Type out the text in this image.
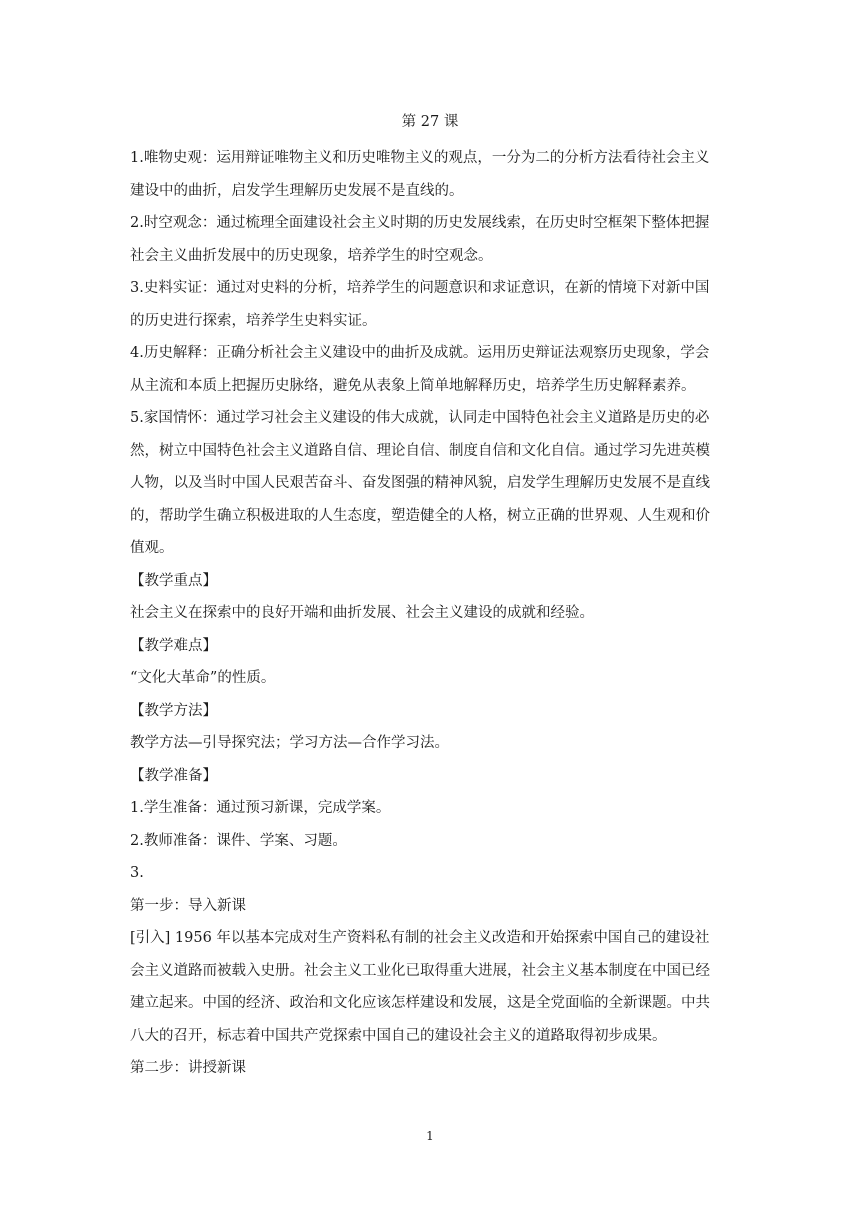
第 27 课

1.唯物史观：运用辩证唯物主义和历史唯物主义的观点，一分为二的分析方法看待社会主义

建设中的曲折，启发学生理解历史发展不是直线的。

2.时空观念：通过梳理全面建设社会主义时期的历史发展线索，在历史时空框架下整体把握

社会主义曲折发展中的历史现象，培养学生的时空观念。

3.史料实证：通过对史料的分析，培养学生的问题意识和求证意识，在新的情境下对新中国

的历史进行探索，培养学生史料实证。

4.历史解释：正确分析社会主义建设中的曲折及成就。运用历史辩证法观察历史现象，学会

从主流和本质上把握历史脉络，避免从表象上简单地解释历史，培养学生历史解释素养。

5.家国情怀：通过学习社会主义建设的伟大成就，认同走中国特色社会主义道路是历史的必

然，树立中国特色社会主义道路自信、理论自信、制度自信和文化自信。通过学习先进英模

人物，以及当时中国人民艰苦奋斗、奋发图强的精神风貌，启发学生理解历史发展不是直线

的，帮助学生确立积极进取的人生态度，塑造健全的人格，树立正确的世界观、人生观和价

值观。

【教学重点】

社会主义在探索中的良好开端和曲折发展、社会主义建设的成就和经验。

【教学难点】

“文化大革命”的性质。

【教学方法】

教学方法—引导探究法；学习方法—合作学习法。

【教学准备】

1.学生准备：通过预习新课，完成学案。

2.教师准备：课件、学案、习题。

3.

第一步：导入新课

[引入] 1956 年以基本完成对生产资料私有制的社会主义改造和开始探索中国自己的建设社

会主义道路而被载入史册。社会主义工业化已取得重大进展，社会主义基本制度在中国已经

建立起来。中国的经济、政治和文化应该怎样建设和发展，这是全党面临的全新课题。中共

八大的召开，标志着中国共产党探索中国自己的建设社会主义的道路取得初步成果。

第二步：讲授新课

1
